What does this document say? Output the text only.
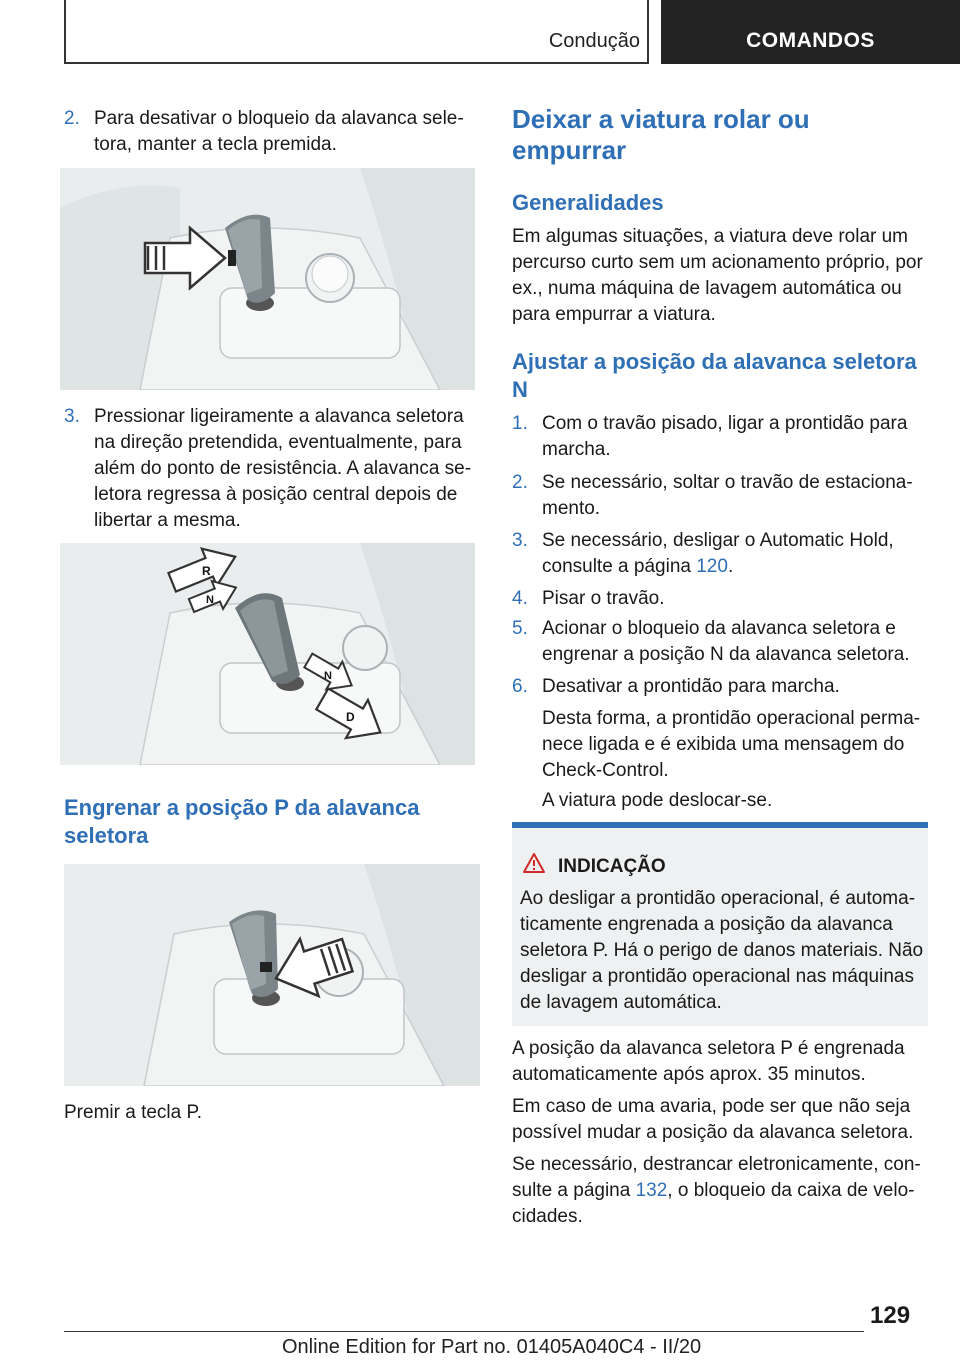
Condução	COMANDOS
2. Para desativar o bloqueio da alavanca seletora, manter a tecla premida.
3. Pressionar ligeiramente a alavanca seletora na direção pretendida, eventualmente, para além do ponto de resistência. A alavanca seletora regressa à posição central depois de libertar a mesma.
R
N
N
D
Engrenar a posição P da alavanca seletora
Premir a tecla P.
Deixar a viatura rolar ou empurrar
Generalidades
Em algumas situações, a viatura deve rolar um percurso curto sem um acionamento próprio, por ex., numa máquina de lavagem automática ou para empurrar a viatura.
Ajustar a posição da alavanca seletora N
1. Com o travão pisado, ligar a prontidão para marcha.
2. Se necessário, soltar o travão de estacionamento.
3. Se necessário, desligar o Automatic Hold, consulte a página 120.
4. Pisar o travão.
5. Acionar o bloqueio da alavanca seletora e engrenar a posição N da alavanca seletora.
6. Desativar a prontidão para marcha.
Desta forma, a prontidão operacional permanece ligada e é exibida uma mensagem do Check-Control.
A viatura pode deslocar-se.
INDICAÇÃO
Ao desligar a prontidão operacional, é automaticamente engrenada a posição da alavanca seletora P. Há o perigo de danos materiais. Não desligar a prontidão operacional nas máquinas de lavagem automática.
A posição da alavanca seletora P é engrenada automaticamente após aprox. 35 minutos.
Em caso de uma avaria, pode ser que não seja possível mudar a posição da alavanca seletora.
Se necessário, destrancar eletronicamente, consulte a página 132, o bloqueio da caixa de velocidades.
129
Online Edition for Part no. 01405A040C4 - II/20
